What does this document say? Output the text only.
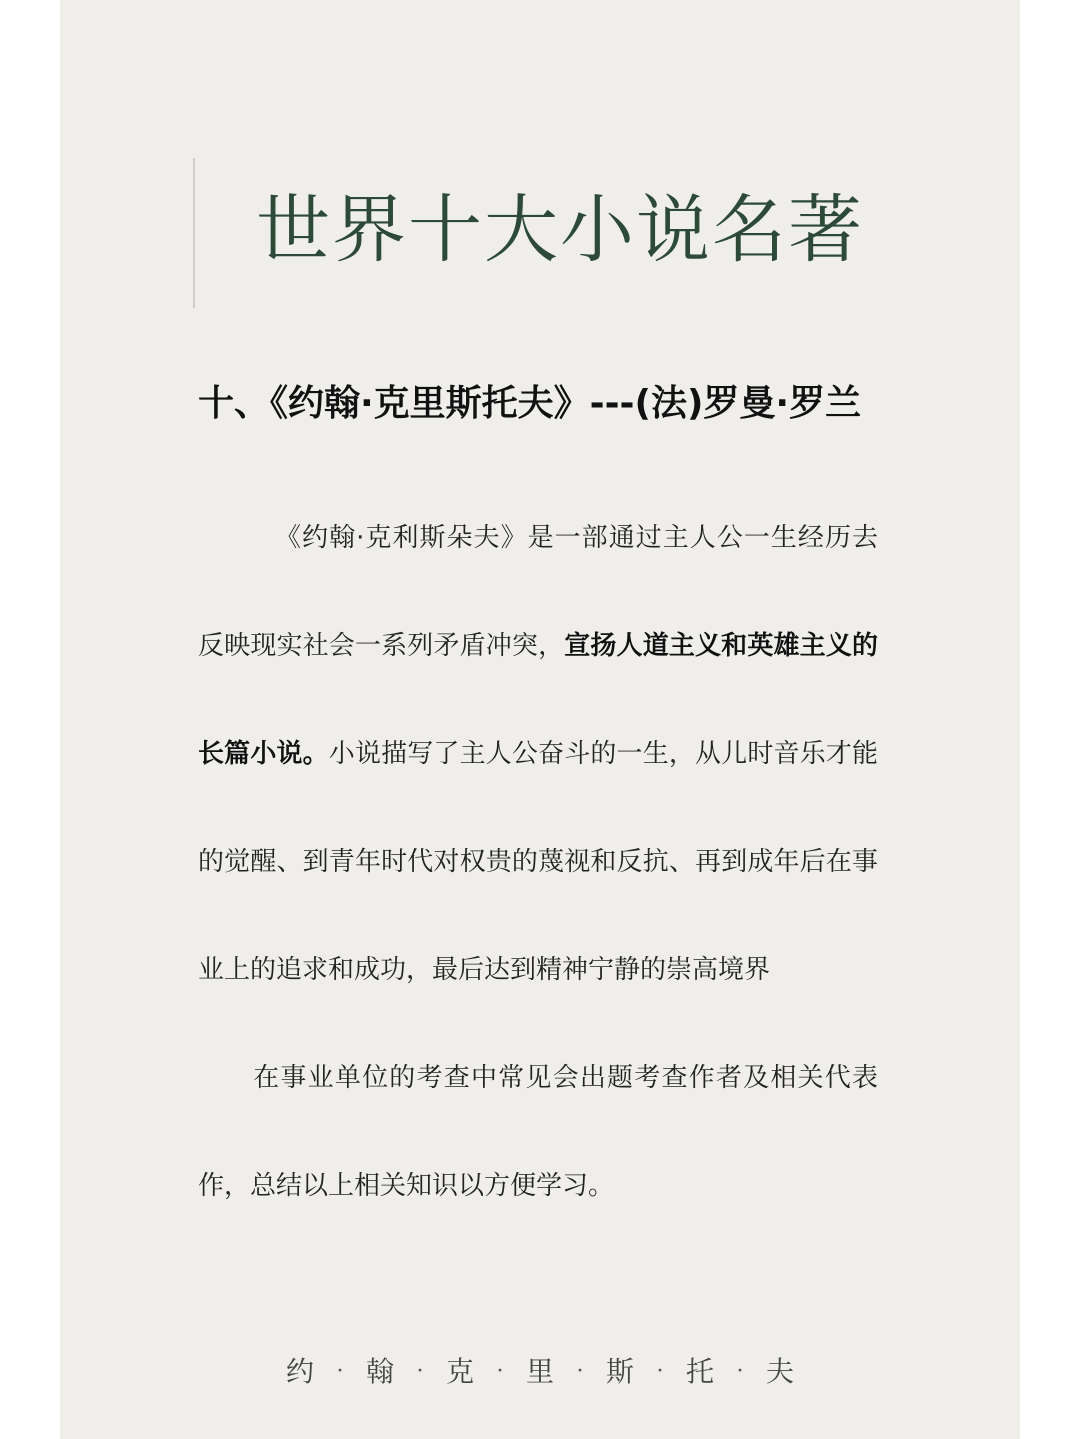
世界十大小说名著
十、《约翰·克里斯托夫》---(法)罗曼·罗兰

《约翰·克利斯朵夫》是一部通过主人公一生经历去反映现实社会一系列矛盾冲突，宣扬人道主义和英雄主义的长篇小说。小说描写了主人公奋斗的一生，从儿时音乐才能的觉醒、到青年时代对权贵的蔑视和反抗、再到成年后在事业上的追求和成功，最后达到精神宁静的崇高境界

在事业单位的考查中常见会出题考查作者及相关代表作，总结以上相关知识以方便学习。

约	· 翰	· 克	· 里	· 斯	· 托	· 夫
